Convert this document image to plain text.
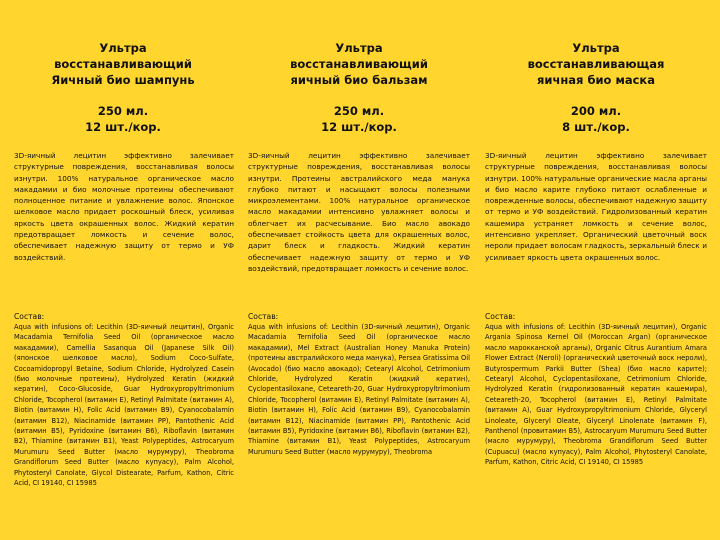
Ультра
восстанавливающий
Яичный био шампунь
250 мл.
12 шт./кор.
3D-яичный лецитин эффективно залечивает структурные повреждения, восстанавливая волосы изнутри. 100% натуральное органическое масло макадамии и био молочные протеины обеспечивают полноценное питание и увлажнение волос. Японское шелковое масло придает роскошный блеск, усиливая яркость цвета окрашенных волос. Жидкий кератин предотвращает ломкость и сечение волос, обеспечивает надежную защиту от термо и УФ воздействий.
Состав:
Aqua with infusions of: Lecithin (3D-яичный лецитин), Organic Macadamia Ternifolia Seed Oil (органическое масло макадамии), Camellia Sasanqua Oil (Japanese Silk Oil) (японское шелковое масло), Sodium Coco-Sulfate, Cocoamidopropyl Betaine, Sodium Chloride, Hydrolyzed Casein (био молочные протеины), Hydrolyzed Keratin (жидкий кератин), Coco-Glucoside, Guar Hydroxypropyltrimonium Chloride, Tocopherol (витамин E), Retinyl Palmitate (витамин A), Biotin (витамин H), Folic Acid (витамин B9), Cyanocobalamin (витамин B12), Niacinamide (витамин PP), Pantothenic Acid (витамин B5), Pyridoxine (витамин B6), Riboflavin (витамин B2), Thiamine (витамин B1), Yeast Polypeptides, Astrocaryum Murumuru Seed Butter (масло мурумуру), Theobroma Grandiflorum Seed Butter (масло купуасу), Palm Alcohol, Phytosteryl Canolate, Glycol Distearate, Parfum, Kathon, Citric Acid, CI 19140, CI 15985
Ультра
восстанавливающий
яичный био бальзам
250 мл.
12 шт./кор.
3D-яичный лецитин эффективно залечивает структурные повреждения, восстанавливая волосы изнутри. Протеины австралийского меда манука глубоко питают и насыщают волосы полезными микроэлементами. 100% натуральное органическое масло макадамии интенсивно увлажняет волосы и облегчает их расчесывание. Био масло авокадо обеспечивает стойкость цвета для окрашенных волос, дарит блеск и гладкость. Жидкий кератин обеспечивает надежную защиту от термо и УФ воздействий, предотвращает ломкость и сечение волос.
Состав:
Aqua with infusions of: Lecithin (3D-яичный лецитин), Organic Macadamia Ternifolia Seed Oil (органическое масло макадамии), Mel Extract (Australian Honey Manuka Protein) (протеины австралийского меда манука), Persea Gratissima Oil (Avocado) (био масло авокадо); Cetearyl Alcohol, Cetrimonium Chloride, Hydrolyzed Keratin (жидкий кератин), Cyclopentasiloxane, Ceteareth-20, Guar Hydroxypropyltrimonium Chloride, Tocopherol (витамин E), Retinyl Palmitate (витамин A), Biotin (витамин H), Folic Acid (витамин B9), Cyanocobalamin (витамин B12), Niacinamide (витамин PP), Pantothenic Acid (витамин B5), Pyridoxine (витамин B6), Riboflavin (витамин B2), Thiamine (витамин B1), Yeast Polypeptides, Astrocaryum Murumuru Seed Butter (масло мурумуру), Theobroma
Ультра
восстанавливающая
яичная био маска
200 мл.
8 шт./кор.
3D-яичный лецитин эффективно залечивает структурные повреждения, восстанавливая волосы изнутри. 100% натуральные органические масла арганы и био масло карите глубоко питают ослабленные и поврежденные волосы, обеспечивают надежную защиту от термо и УФ воздействий. Гидролизованный кератин кашемира устраняет ломкость и сечение волос, интенсивно укрепляет. Органический цветочный воск нероли придает волосам гладкость, зеркальный блеск и усиливает яркость цвета окрашенных волос.
Состав:
Aqua with infusions of: Lecithin (3D-яичный лецитин), Organic Argania Spinosa Kernel Oil (Moroccan Argan) (органическое масло марокканской арганы), Organic Citrus Aurantium Amara Flower Extract (Neroli) (органический цветочный воск нероли), Butyrospermum Parkii Butter (Shea) (био масло карите); Cetearyl Alcohol, Cyclopentasiloxane, Cetrimonium Chloride, Hydrolyzed Keratin (гидролизованный кератин кашемира), Ceteareth-20, Tocopherol (витамин E), Retinyl Palmitate (витамин A), Guar Hydroxypropyltrimonium Chloride, Glyceryl Linoleate, Glyceryl Oleate, Glyceryl Linolenate (витамин F), Panthenol (провитамин B5), Astrocaryum Murumuru Seed Butter (масло мурумуру), Theobroma Grandiflorum Seed Butter (Cupuacu) (масло купуасу), Palm Alcohol, Phytosteryl Canolate, Parfum, Kathon, Citric Acid, CI 19140, CI 15985
